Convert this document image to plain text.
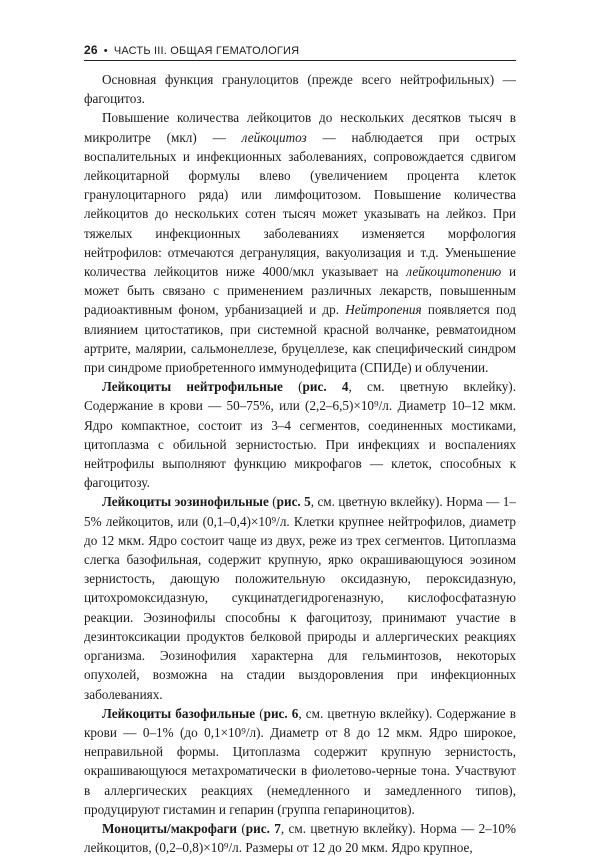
26 • ЧАСТЬ III. ОБЩАЯ ГЕМАТОЛОГИЯ

Основная функция гранулоцитов (прежде всего нейтрофильных) — фагоцитоз.

Повышение количества лейкоцитов до нескольких десятков тысяч в микролитре (мкл) — лейкоцитоз — наблюдается при острых воспалительных и инфекционных заболеваниях, сопровождается сдвигом лейкоцитарной формулы влево (увеличением процента клеток гранулоцитарного ряда) или лимфоцитозом. Повышение количества лейкоцитов до нескольких сотен тысяч может указывать на лейкоз. При тяжелых инфекционных заболеваниях изменяется морфология нейтрофилов: отмечаются дегрануляция, вакуолизация и т.д. Уменьшение количества лейкоцитов ниже 4000/мкл указывает на лейкоцитопению и может быть связано с применением различных лекарств, повышенным радиоактивным фоном, урбанизацией и др. Нейтропения появляется под влиянием цитостатиков, при системной красной волчанке, ревматоидном артрите, малярии, сальмонеллезе, бруцеллезе, как специфический синдром при синдроме приобретенного иммунодефицита (СПИДе) и облучении.

Лейкоциты нейтрофильные (рис. 4, см. цветную вклейку). Содержание в крови — 50–75%, или (2,2–6,5)×10⁹/л. Диаметр 10–12 мкм. Ядро компактное, состоит из 3–4 сегментов, соединенных мостиками, цитоплазма с обильной зернистостью. При инфекциях и воспалениях нейтрофилы выполняют функцию микрофагов — клеток, способных к фагоцитозу.

Лейкоциты эозинофильные (рис. 5, см. цветную вклейку). Норма — 1–5% лейкоцитов, или (0,1–0,4)×10⁹/л. Клетки крупнее нейтрофилов, диаметр до 12 мкм. Ядро состоит чаще из двух, реже из трех сегментов. Цитоплазма слегка базофильная, содержит крупную, ярко окрашивающуюся эозином зернистость, дающую положительную оксидазную, пероксидазную, цитохромоксидазную, сукцинатдегидрогеназную, кислофосфатазную реакции. Эозинофилы способны к фагоцитозу, принимают участие в дезинтоксикации продуктов белковой природы и аллергических реакциях организма. Эозинофилия характерна для гельминтозов, некоторых опухолей, возможна на стадии выздоровления при инфекционных заболеваниях.

Лейкоциты базофильные (рис. 6, см. цветную вклейку). Содержание в крови — 0–1% (до 0,1×10⁹/л). Диаметр от 8 до 12 мкм. Ядро широкое, неправильной формы. Цитоплазма содержит крупную зернистость, окрашивающуюся метахроматически в фиолетово-черные тона. Участвуют в аллергических реакциях (немедленного и замедленного типов), продуцируют гистамин и гепарин (группа гепариноцитов).

Моноциты/макрофаги (рис. 7, см. цветную вклейку). Норма — 2–10% лейкоцитов, (0,2–0,8)×10⁹/л. Размеры от 12 до 20 мкм. Ядро крупное,
